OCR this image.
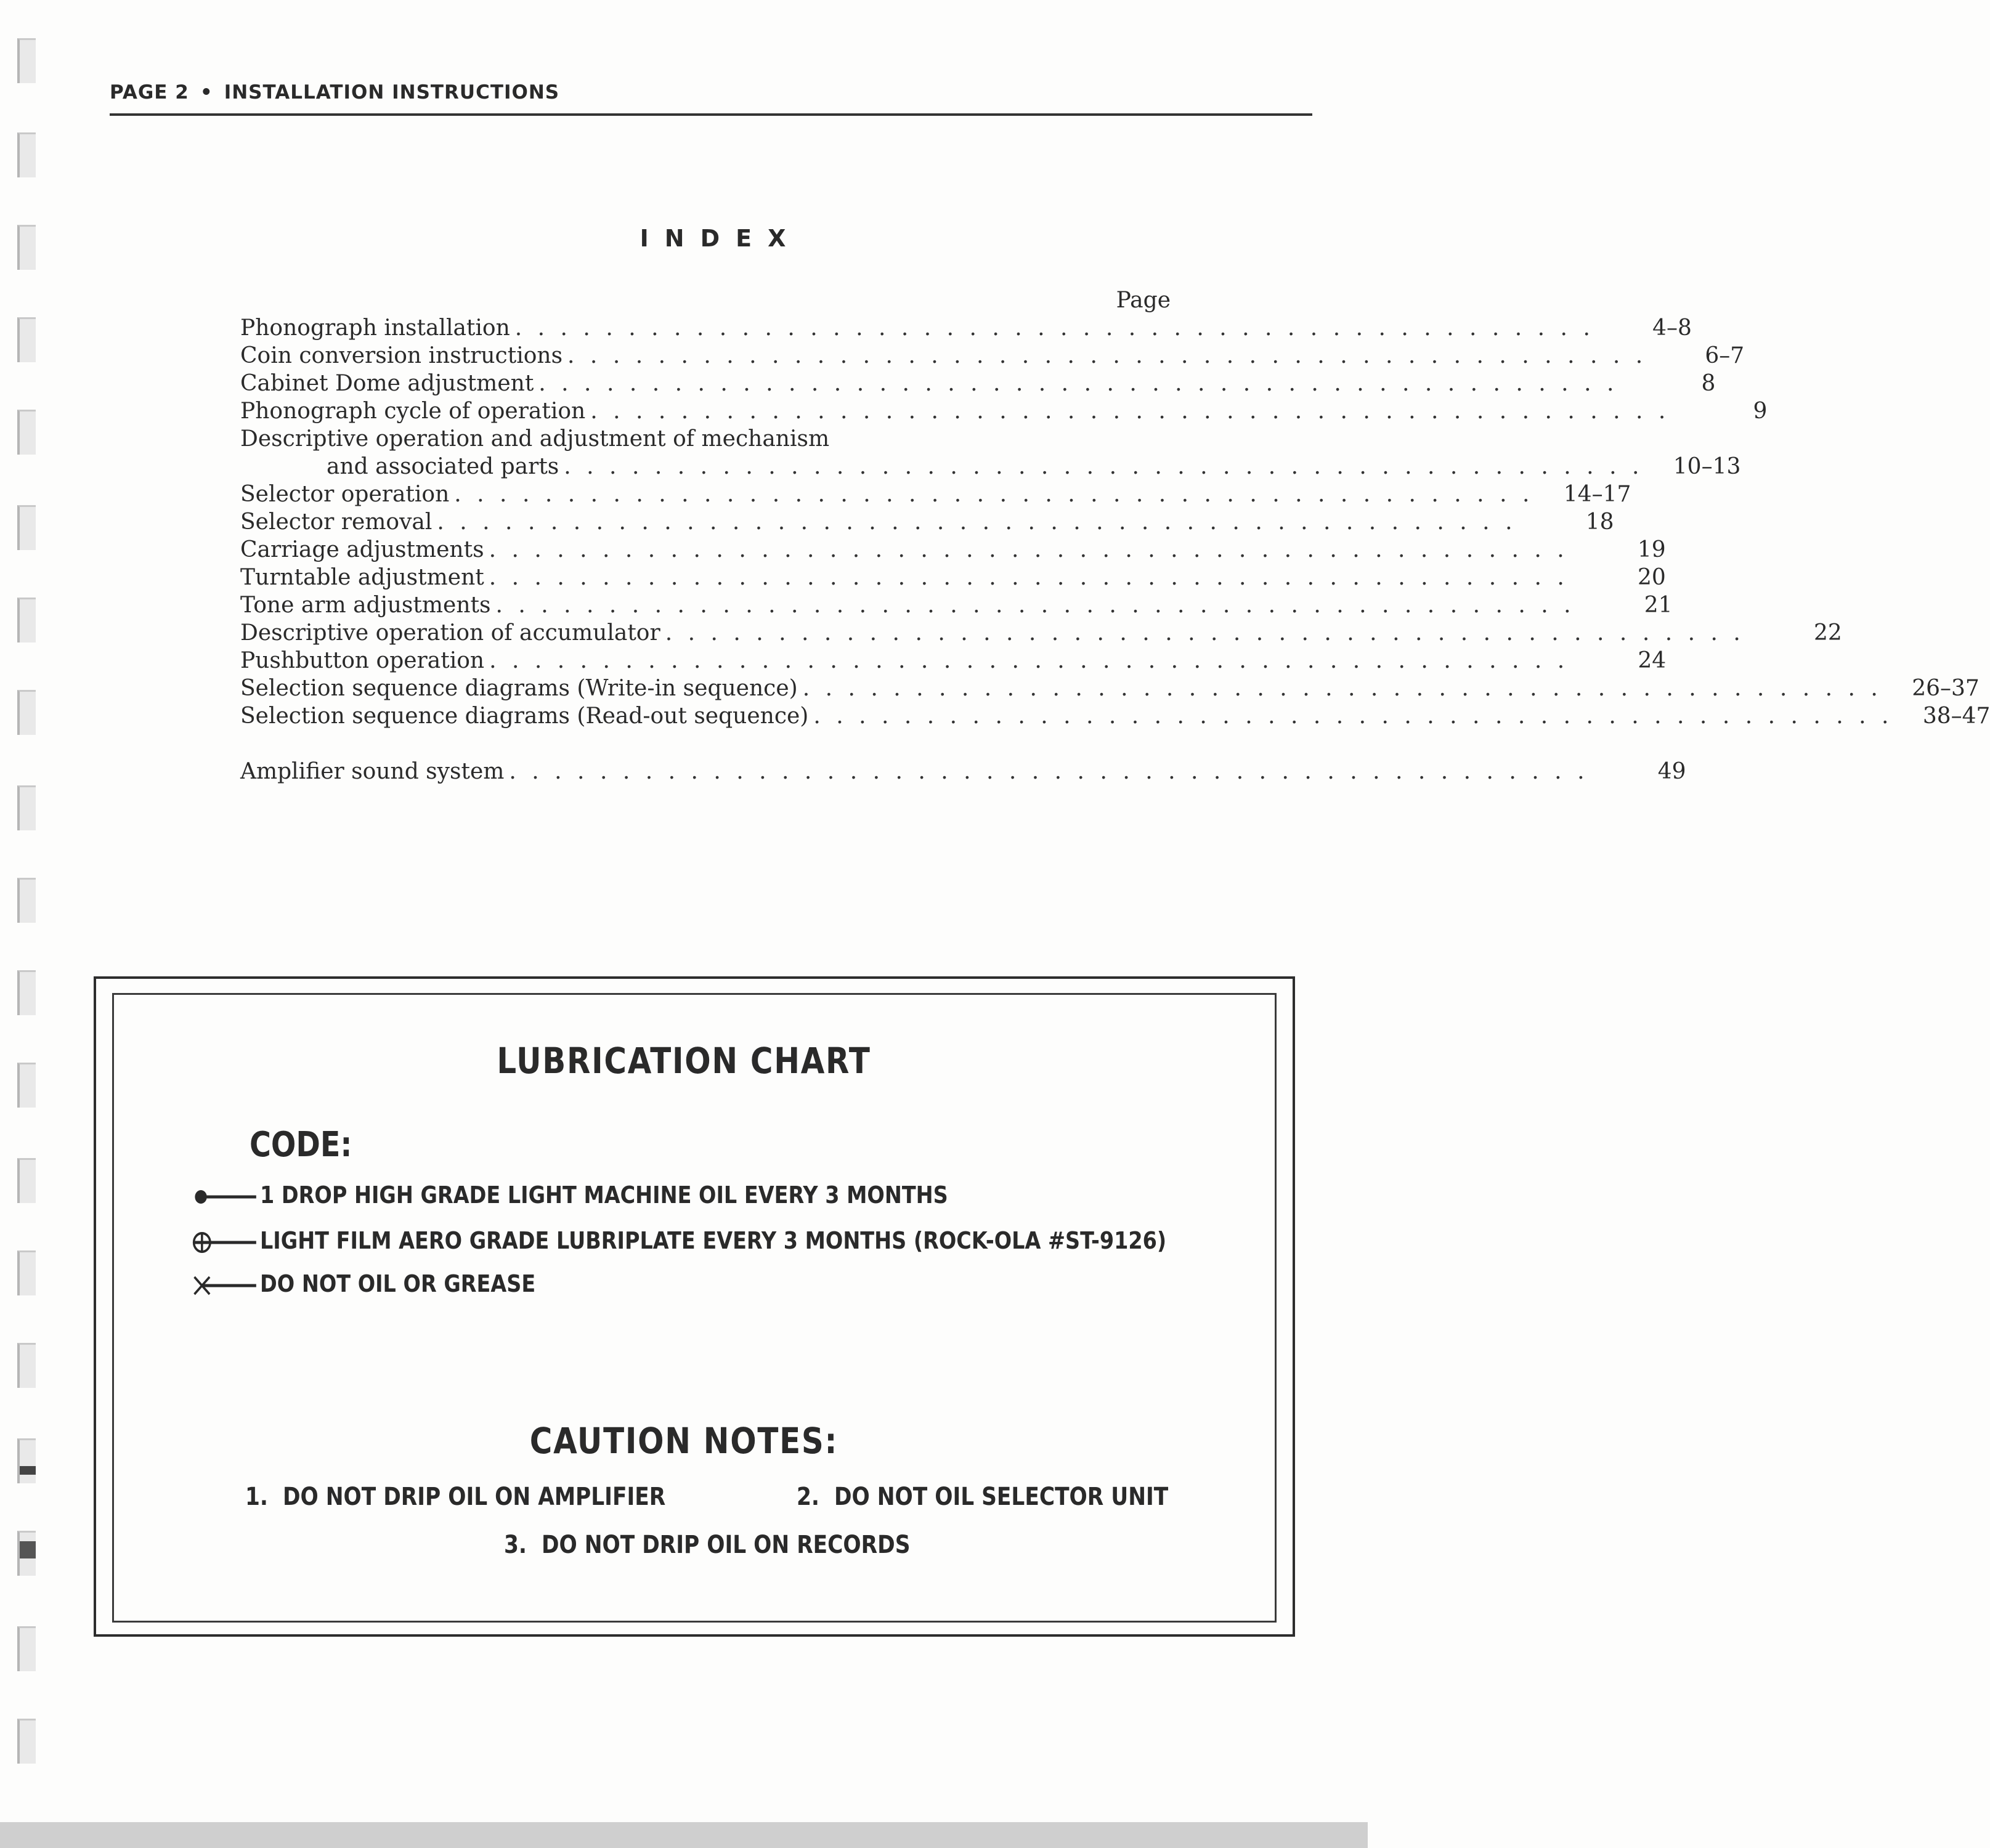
PAGE 2 • INSTALLATION INSTRUCTIONS
INDEX
Page
Phonograph installation . . . . . . . . . . . . . . . . . . . . . . . . . . . . . . . . . . . . . . . . . . . . . . . .	4–8
Coin conversion instructions . . . . . . . . . . . . . . . . . . . . . . . . . . . . . . . . . . . . . . . . . . . . . . . .	6–7
Cabinet Dome adjustment . . . . . . . . . . . . . . . . . . . . . . . . . . . . . . . . . . . . . . . . . . . . . . . .	8
Phonograph cycle of operation . . . . . . . . . . . . . . . . . . . . . . . . . . . . . . . . . . . . . . . . . . . . . . . .	9
Descriptive operation and adjustment of mechanism
and associated parts . . . . . . . . . . . . . . . . . . . . . . . . . . . . . . . . . . . . . . . . . . . . . . . .	10–13
Selector operation . . . . . . . . . . . . . . . . . . . . . . . . . . . . . . . . . . . . . . . . . . . . . . . .	14–17
Selector removal . . . . . . . . . . . . . . . . . . . . . . . . . . . . . . . . . . . . . . . . . . . . . . . .	18
Carriage adjustments . . . . . . . . . . . . . . . . . . . . . . . . . . . . . . . . . . . . . . . . . . . . . . . .	19
Turntable adjustment . . . . . . . . . . . . . . . . . . . . . . . . . . . . . . . . . . . . . . . . . . . . . . . .	20
Tone arm adjustments . . . . . . . . . . . . . . . . . . . . . . . . . . . . . . . . . . . . . . . . . . . . . . . .	21
Descriptive operation of accumulator . . . . . . . . . . . . . . . . . . . . . . . . . . . . . . . . . . . . . . . . . . . . . . . .	22
Pushbutton operation . . . . . . . . . . . . . . . . . . . . . . . . . . . . . . . . . . . . . . . . . . . . . . . .	24
Selection sequence diagrams (Write-in sequence) . . . . . . . . . . . . . . . . . . . . . . . . . . . . . . . . . . . . . . . . . . . . . . . .	26–37
Selection sequence diagrams (Read-out sequence) . . . . . . . . . . . . . . . . . . . . . . . . . . . . . . . . . . . . . . . . . . . . . . . .	38–47
Amplifier sound system . . . . . . . . . . . . . . . . . . . . . . . . . . . . . . . . . . . . . . . . . . . . . . . .	49
LUBRICATION CHART
CODE:
1 DROP HIGH GRADE LIGHT MACHINE OIL EVERY 3 MONTHS
LIGHT FILM AERO GRADE LUBRIPLATE EVERY 3 MONTHS (ROCK-OLA #ST-9126)
DO NOT OIL OR GREASE
CAUTION NOTES:
1. DO NOT DRIP OIL ON AMPLIFIER	2. DO NOT OIL SELECTOR UNIT
3. DO NOT DRIP OIL ON RECORDS
